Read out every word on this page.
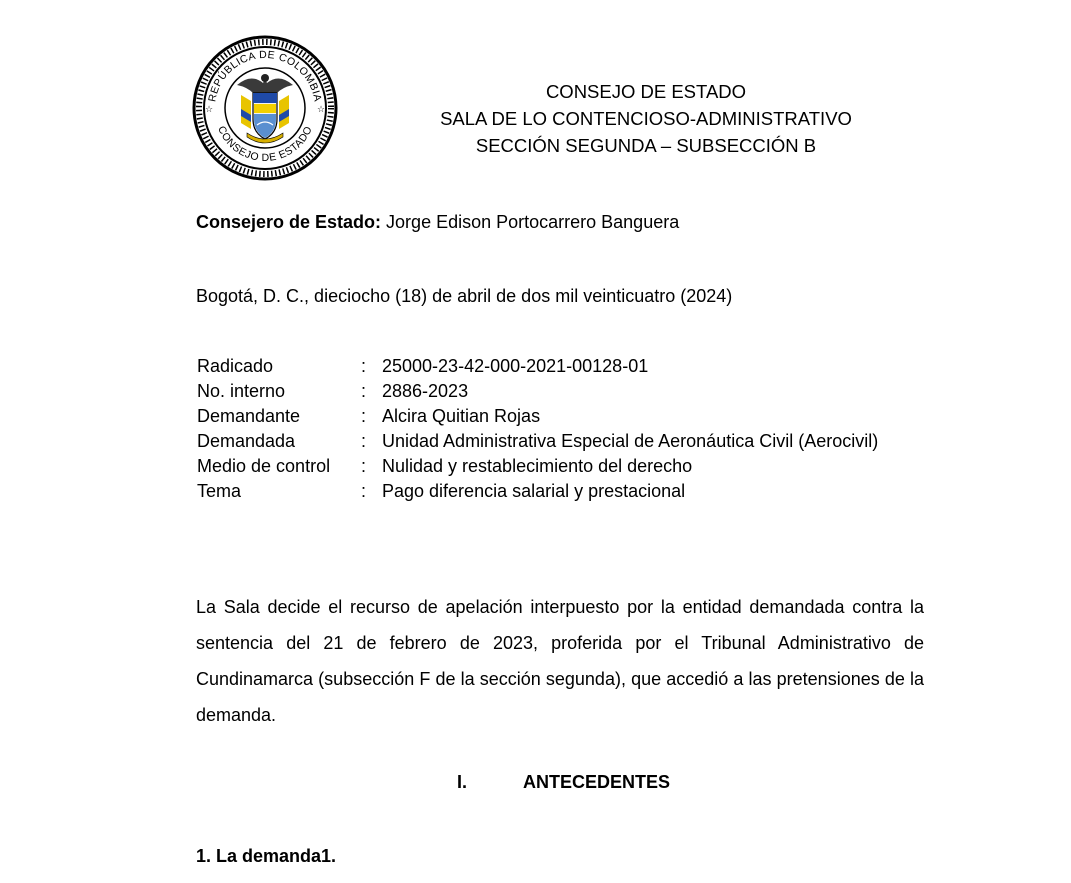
REPÚBLICA DE COLOMBIA
CONSEJO DE ESTADO
☆	☆
CONSEJO DE ESTADO
SALA DE LO CONTENCIOSO-ADMINISTRATIVO
SECCIÓN SEGUNDA – SUBSECCIÓN B
Consejero de Estado: Jorge Edison Portocarrero Banguera
Bogotá, D. C., dieciocho (18) de abril de dos mil veinticuatro (2024)
Radicado	:	25000-23-42-000-2021-00128-01
No. interno	:	2886-2023
Demandante	:	Alcira Quitian Rojas
Demandada	:	Unidad Administrativa Especial de Aeronáutica Civil (Aerocivil)
Medio de control	:	Nulidad y restablecimiento del derecho
Tema	:	Pago diferencia salarial y prestacional
La Sala decide el recurso de apelación interpuesto por la entidad demandada contra la sentencia del 21 de febrero de 2023, proferida por el Tribunal Administrativo de Cundinamarca (subsección F de la sección segunda), que accedió a las pretensiones de la demanda.
I.	ANTECEDENTES
1. La demanda1.
